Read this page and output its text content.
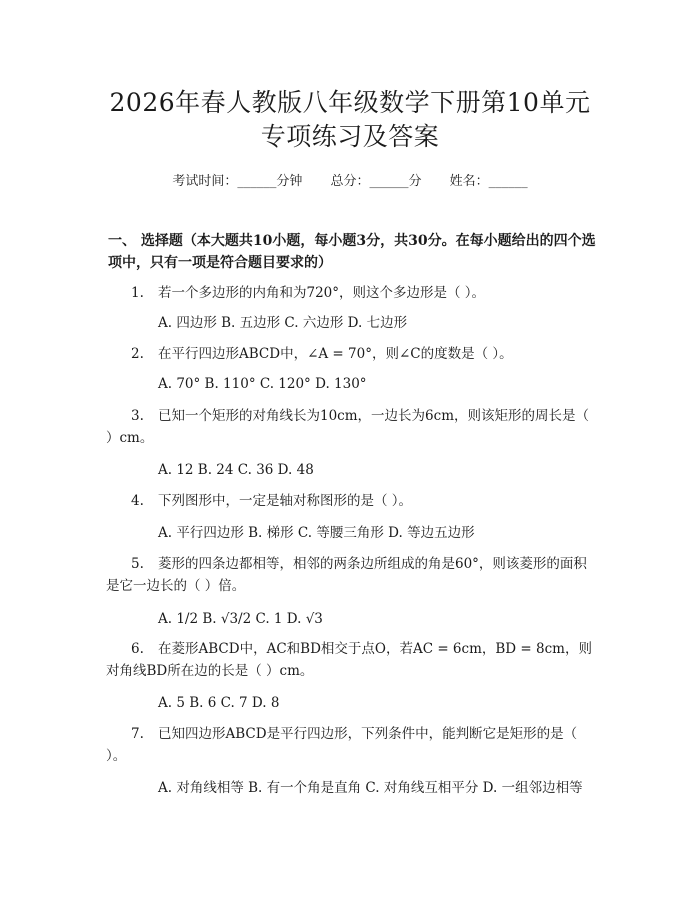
2026年春人教版八年级数学下册第10单元
专项练习及答案
考试时间：______分钟 总分：______分 姓名：______
一、 选择题（本大题共10小题，每小题3分，共30分。在每小题给出的四个选项中，只有一项是符合题目要求的）
1. 若一个多边形的内角和为720°，则这个多边形是（ ）。
A. 四边形 B. 五边形 C. 六边形 D. 七边形
2. 在平行四边形ABCD中，∠A = 70°，则∠C的度数是（ ）。
A. 70° B. 110° C. 120° D. 130°
3. 已知一个矩形的对角线长为10cm，一边长为6cm，则该矩形的周长是（ ）cm。
A. 12 B. 24 C. 36 D. 48
4. 下列图形中，一定是轴对称图形的是（ ）。
A. 平行四边形 B. 梯形 C. 等腰三角形 D. 等边五边形
5. 菱形的四条边都相等，相邻的两条边所组成的角是60°，则该菱形的面积是它一边长的（ ）倍。
A. 1/2 B. √3/2 C. 1 D. √3
6. 在菱形ABCD中，AC和BD相交于点O，若AC = 6cm，BD = 8cm，则对角线BD所在边的长是（ ）cm。
A. 5 B. 6 C. 7 D. 8
7. 已知四边形ABCD是平行四边形，下列条件中，能判断它是矩形的是（ ）。
A. 对角线相等 B. 有一个角是直角 C. 对角线互相平分 D. 一组邻边相等
